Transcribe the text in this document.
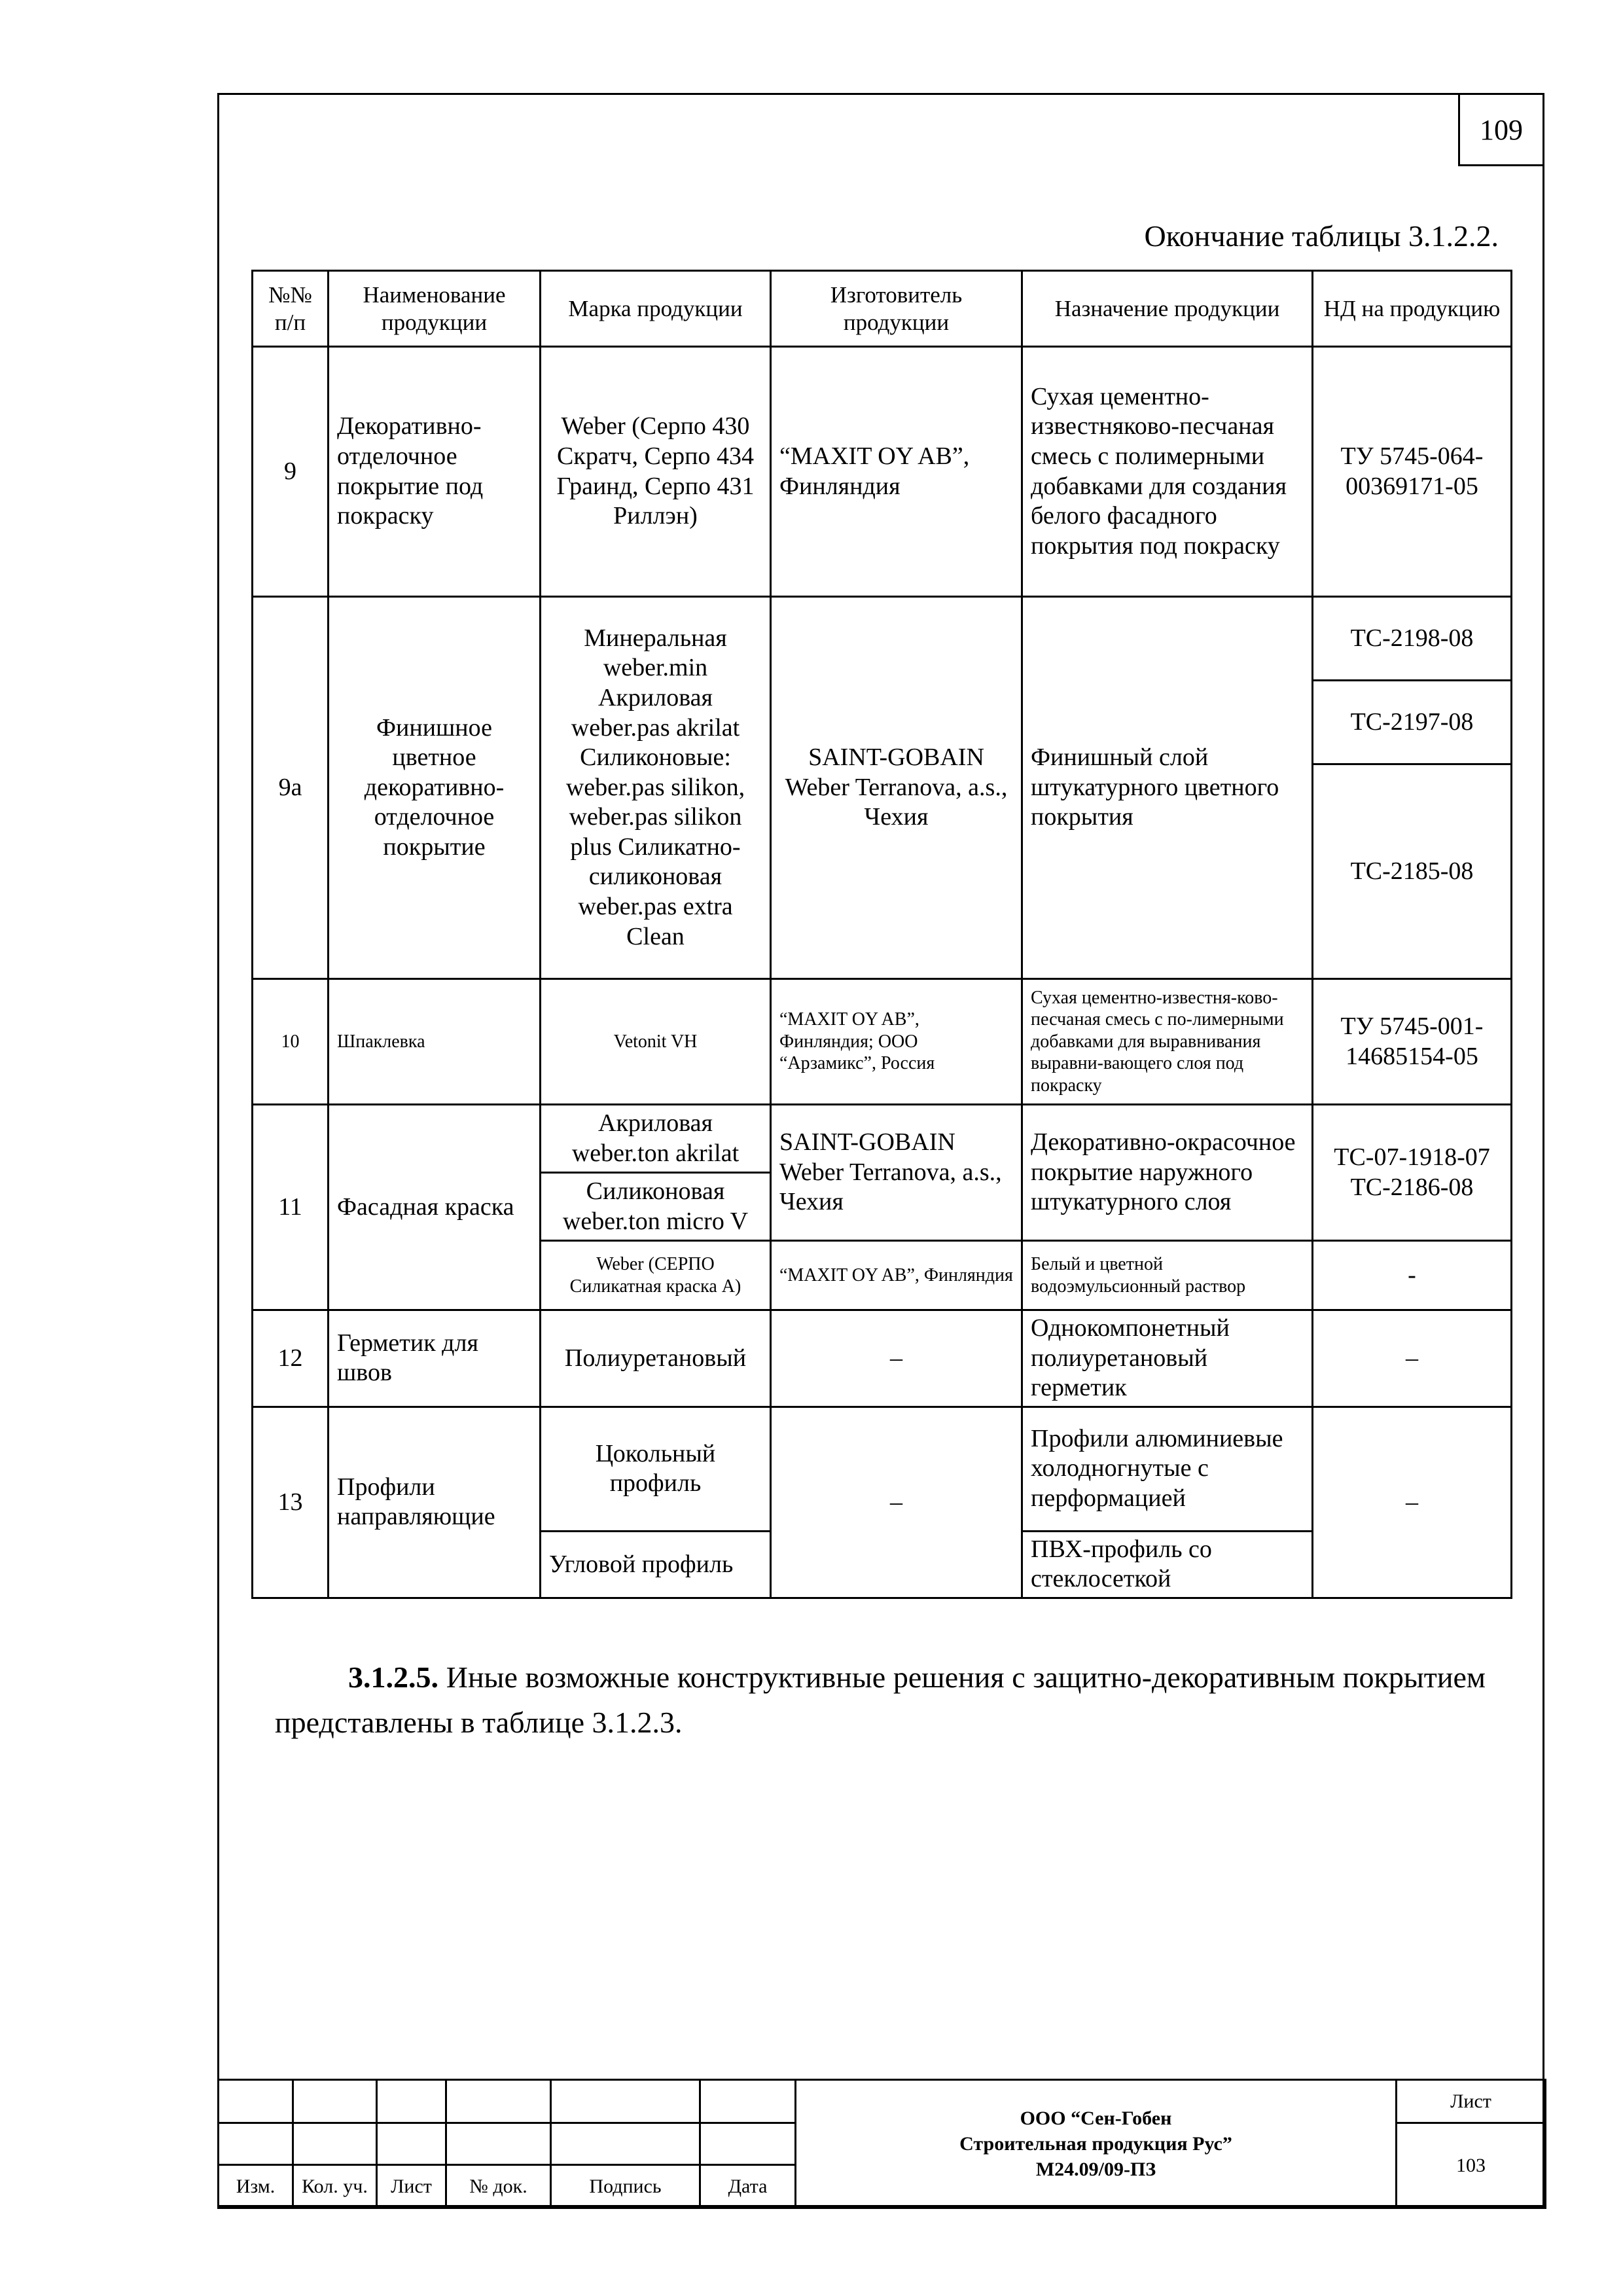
109
Окончание таблицы 3.1.2.2.
№№ п/п	Наименование продукции	Марка продукции	Изготовитель продукции	Назначение продукции	НД на продукцию
9	Декоративно-отделочное покрытие под покраску	Weber (Серпо 430 Скратч, Серпо 434 Граинд, Серпо 431 Риллэн)	“MAXIT OY AB”, Финляндия	Сухая цементно-известняково-песчаная смесь с полимерными добавками для создания белого фасадного покрытия под покраску	ТУ 5745-064-00369171-05
9а	Финишное цветное декоративно-отделочное покрытие	Минеральная weber.min Акриловая weber.pas akrilat Силиконовые: weber.pas silikon, weber.pas silikon plus Силикатно-силиконовая weber.pas extra Clean	SAINT-GOBAIN Weber Terranova, a.s., Чехия	Финишный слой штукатурного цветного покрытия	ТС-2198-08
					ТС-2197-08
					ТС-2185-08
10	Шпаклевка	Vetonit VH	“MAXIT OY AB”, Финляндия; ООО “Арзамикс”, Россия	Сухая цементно-известня-ково-песчаная смесь с по-лимерными добавками для выравнивания выравни-вающего слоя под покраску	ТУ 5745-001-14685154-05
11	Фасадная краска	Акриловая weber.ton akrilat	SAINT-GOBAIN Weber Terranova, a.s., Чехия	Декоративно-окрасочное покрытие наружного штукатурного слоя	ТС-07-1918-07 ТС-2186-08
		Силиконовая weber.ton micro V			
		Weber (СЕРПО Силикатная краска А)	“MAXIT OY AB”, Финляндия	Белый и цветной водоэмульсионный раствор	-
12	Герметик для швов	Полиуретановый	–	Однокомпонетный полиуретановый герметик	–
13	Профили направляющие	Цокольный профиль	–	Профили алюминиевые холодногнутые с перформацией	–
		Угловой профиль		ПВХ-профиль со стеклосеткой	
3.1.2.5. Иные возможные конструктивные решения с защитно-декоративным покрытием представлены в таблице 3.1.2.3.

						ООО “Сен-Гобен
Строительная продукция Рус”
М24.09/09-ПЗ	Лист
							103
Изм.	Кол. уч.	Лист	№ док.	Подпись	Дата		
